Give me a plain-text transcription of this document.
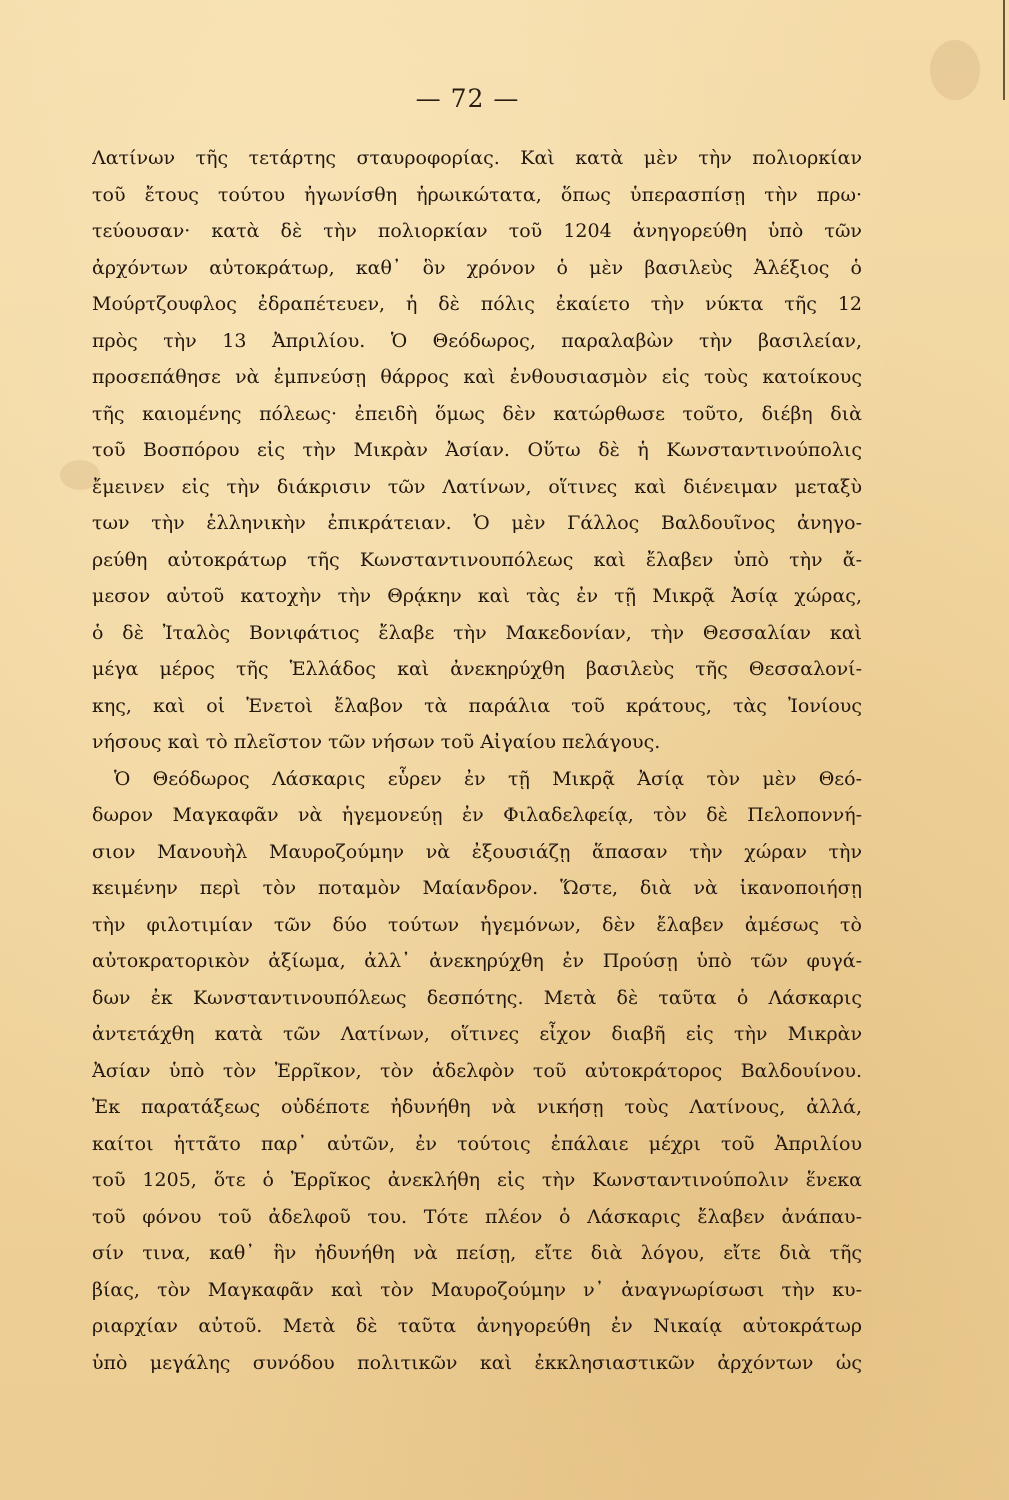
— 72 —
Λατίνων τῆς τετάρτης σταυροφορίας. Καὶ κατὰ μὲν τὴν πολιορκίαν
τοῦ ἔτους τούτου ἠγωνίσθη ἡρωικώτατα, ὅπως ὑπερασπίσῃ τὴν πρω·
τεύουσαν· κατὰ δὲ τὴν πολιορκίαν τοῦ 1204 ἀνηγορεύθη ὑπὸ τῶν
ἀρχόντων αὐτοκράτωρ, καθ᾽ ὃν χρόνον ὁ μὲν βασιλεὺς Ἀλέξιος ὁ
Μούρτζουφλος ἐδραπέτευεν, ἡ δὲ πόλις ἐκαίετο τὴν νύκτα τῆς 12
πρὸς τὴν 13 Ἀπριλίου. Ὁ Θεόδωρος, παραλαβὼν τὴν βασιλείαν,
προσεπάθησε νὰ ἐμπνεύσῃ θάρρος καὶ ἐνθουσιασμὸν εἰς τοὺς κατοίκους
τῆς καιομένης πόλεως· ἐπειδὴ ὅμως δὲν κατώρθωσε τοῦτο, διέβη διὰ
τοῦ Βοσπόρου εἰς τὴν Μικρὰν Ἀσίαν. Οὕτω δὲ ἡ Κωνσταντινούπολις
ἔμεινεν εἰς τὴν διάκρισιν τῶν Λατίνων, οἵτινες καὶ διένειμαν μεταξὺ
των τὴν ἑλληνικὴν ἐπικράτειαν. Ὁ μὲν Γάλλος Βαλδουῖνος ἀνηγο-
ρεύθη αὐτοκράτωρ τῆς Κωνσταντινουπόλεως καὶ ἔλαβεν ὑπὸ τὴν ἄ-
μεσον αὐτοῦ κατοχὴν τὴν Θρᾴκην καὶ τὰς ἐν τῇ Μικρᾷ Ἀσίᾳ χώρας,
ὁ δὲ Ἰταλὸς Βονιφάτιος ἔλαβε τὴν Μακεδονίαν, τὴν Θεσσαλίαν καὶ
μέγα μέρος τῆς Ἑλλάδος καὶ ἀνεκηρύχθη βασιλεὺς τῆς Θεσσαλονί-
κης, καὶ οἱ Ἑνετοὶ ἔλαβον τὰ παράλια τοῦ κράτους, τὰς Ἰονίους
νήσους καὶ τὸ πλεῖστον τῶν νήσων τοῦ Αἰγαίου πελάγους.
Ὁ Θεόδωρος Λάσκαρις εὗρεν ἐν τῇ Μικρᾷ Ἀσίᾳ τὸν μὲν Θεό-
δωρον Μαγκαφᾶν νὰ ἡγεμονεύῃ ἐν Φιλαδελφείᾳ, τὸν δὲ Πελοποννή-
σιον Μανουὴλ Μαυροζούμην νὰ ἐξουσιάζῃ ἅπασαν τὴν χώραν τὴν
κειμένην περὶ τὸν ποταμὸν Μαίανδρον. Ὥστε, διὰ νὰ ἱκανοποιήσῃ
τὴν φιλοτιμίαν τῶν δύο τούτων ἡγεμόνων, δὲν ἔλαβεν ἀμέσως τὸ
αὐτοκρατορικὸν ἀξίωμα, ἀλλ᾽ ἀνεκηρύχθη ἐν Προύσῃ ὑπὸ τῶν φυγά-
δων ἐκ Κωνσταντινουπόλεως δεσπότης. Μετὰ δὲ ταῦτα ὁ Λάσκαρις
ἀντετάχθη κατὰ τῶν Λατίνων, οἵτινες εἶχον διαβῆ εἰς τὴν Μικρὰν
Ἀσίαν ὑπὸ τὸν Ἐρρῖκον, τὸν ἀδελφὸν τοῦ αὐτοκράτορος Βαλδουίνου.
Ἐκ παρατάξεως οὐδέποτε ἠδυνήθη νὰ νικήσῃ τοὺς Λατίνους, ἀλλά,
καίτοι ἡττᾶτο παρ᾽ αὐτῶν, ἐν τούτοις ἐπάλαιε μέχρι τοῦ Ἀπριλίου
τοῦ 1205, ὅτε ὁ Ἐρρῖκος ἀνεκλήθη εἰς τὴν Κωνσταντινούπολιν ἕνεκα
τοῦ φόνου τοῦ ἀδελφοῦ του. Τότε πλέον ὁ Λάσκαρις ἔλαβεν ἀνάπαυ-
σίν τινα, καθ᾽ ἣν ἠδυνήθη νὰ πείσῃ, εἴτε διὰ λόγου, εἴτε διὰ τῆς
βίας, τὸν Μαγκαφᾶν καὶ τὸν Μαυροζούμην ν᾽ ἀναγνωρίσωσι τὴν κυ-
ριαρχίαν αὐτοῦ. Μετὰ δὲ ταῦτα ἀνηγορεύθη ἐν Νικαίᾳ αὐτοκράτωρ
ὑπὸ μεγάλης συνόδου πολιτικῶν καὶ ἐκκλησιαστικῶν ἀρχόντων ὡς
